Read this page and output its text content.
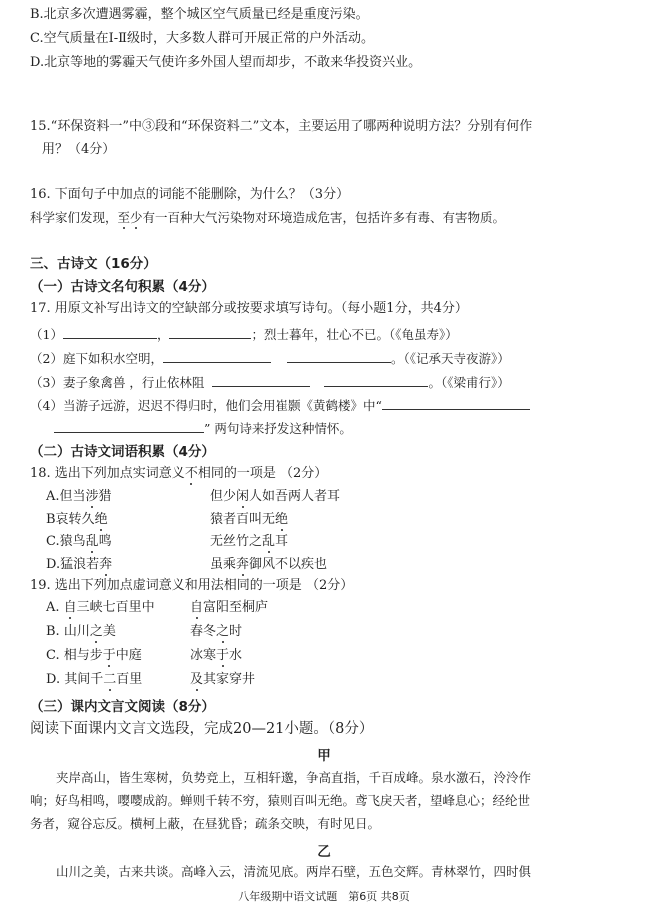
B.北京多次遭遇雾霾，整个城区空气质量已经是重度污染。
C.空气质量在Ⅰ-Ⅱ级时，大多数人群可开展正常的户外活动。
D.北京等地的雾霾天气使许多外国人望而却步，不敢来华投资兴业。
15.“环保资料一”中③段和“环保资料二”文本，主要运用了哪两种说明方法？分别有何作
用？（4分）
16. 下面句子中加点的词能不能删除，为什么？（3分）
科学家们发现，至少有一百种大气污染物对环境造成危害，包括许多有毒、有害物质。
三、古诗文（16分）
（一）古诗文名句积累（4分）
17. 用原文补写出诗文的空缺部分或按要求填写诗句。（每小题1分，共4分）
（1）	，	；烈士暮年，壮心不已。（《龟虽寿》）
（2）庭下如积水空明，	。（《记承天寺夜游》）
（3）妻子象禽兽 ，行止依林阻	。（《梁甫行》）
（4）当游子远游，迟迟不得归时，他们会用崔颢《黄鹤楼》中“
” 两句诗来抒发这种情怀。
（二）古诗文词语积累（4分）
18. 选出下列加点实词意义不相同的一项是 （2分）
A.但当涉猎	但少闲人如吾两人者耳
B哀转久绝	猿者百叫无绝
C.猿鸟乱鸣	无丝竹之乱耳
D.猛浪若奔	虽乘奔御风不以疾也
19. 选出下列加点虚词意义和用法相同的一项是 （2分）
A. 自三峡七百里中	自富阳至桐庐
B. 山川之美	春冬之时
C. 相与步于中庭	冰寒于水
D. 其间千二百里	及其家穿井
（三）课内文言文阅读（8分）
阅读下面课内文言文选段，完成20—21小题。（8分）
甲
夹岸高山，皆生寒树，负势竞上，互相轩邈，争高直指，千百成峰。泉水激石，泠泠作
响；好鸟相鸣，嘤嘤成韵。蝉则千转不穷，猿则百叫无绝。鸢飞戾天者，望峰息心；经纶世
务者，窥谷忘反。横柯上蔽，在昼犹昏；疏条交映，有时见日。
乙
山川之美，古来共谈。高峰入云，清流见底。两岸石壁，五色交辉。青林翠竹，四时俱
八年级期中语文试题　第6页 共8页
